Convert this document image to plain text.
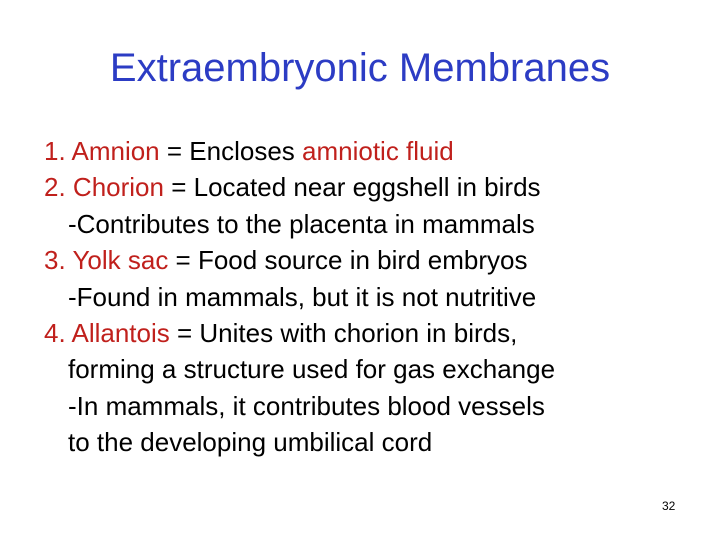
Extraembryonic Membranes
1. Amnion = Encloses amniotic fluid
2. Chorion = Located near eggshell in birds
-Contributes to the placenta in mammals
3. Yolk sac = Food source in bird embryos
-Found in mammals, but it is not nutritive
4. Allantois = Unites with chorion in birds,
forming a structure used for gas exchange
-In mammals, it contributes blood vessels
to the developing umbilical cord
32
